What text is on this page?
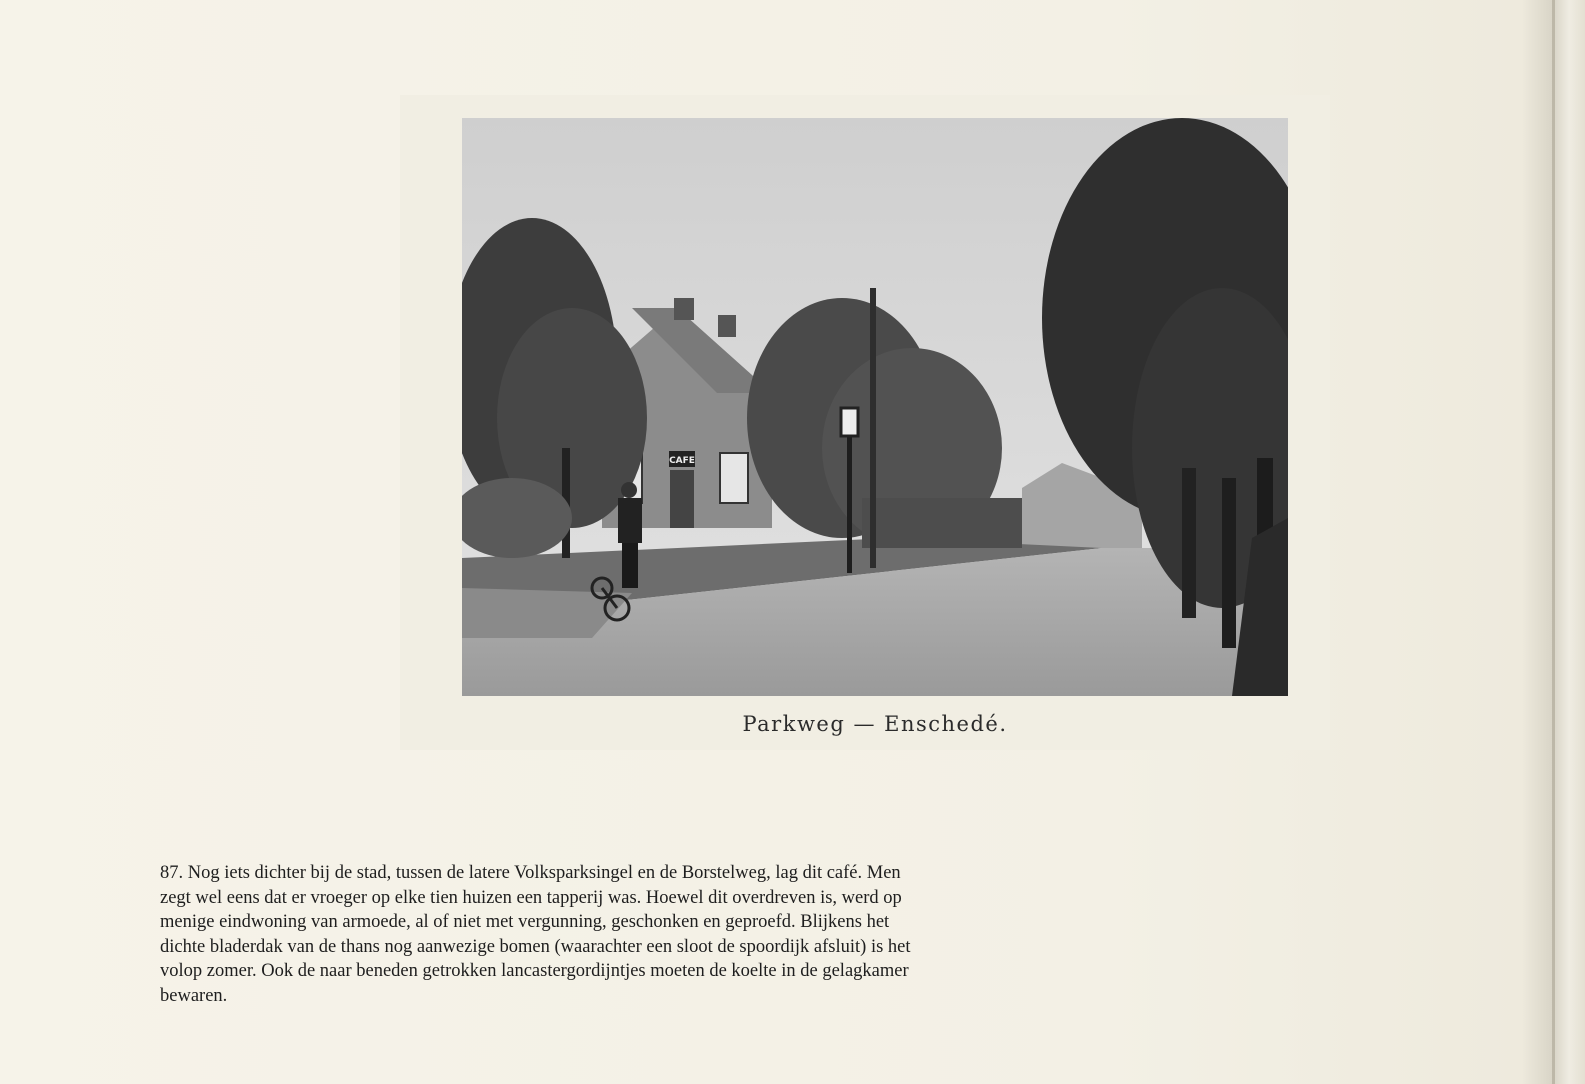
CAFE
Parkweg — Enschedé.
87. Nog iets dichter bij de stad, tussen de latere Volksparksingel en de Borstelweg, lag dit café. Men
zegt wel eens dat er vroeger op elke tien huizen een tapperij was. Hoewel dit overdreven is, werd op
menige eindwoning van armoede, al of niet met vergunning, geschonken en geproefd. Blijkens het
dichte bladerdak van de thans nog aanwezige bomen (waarachter een sloot de spoordijk afsluit) is het
volop zomer. Ook de naar beneden getrokken lancastergordijntjes moeten de koelte in de gelagkamer
bewaren.
